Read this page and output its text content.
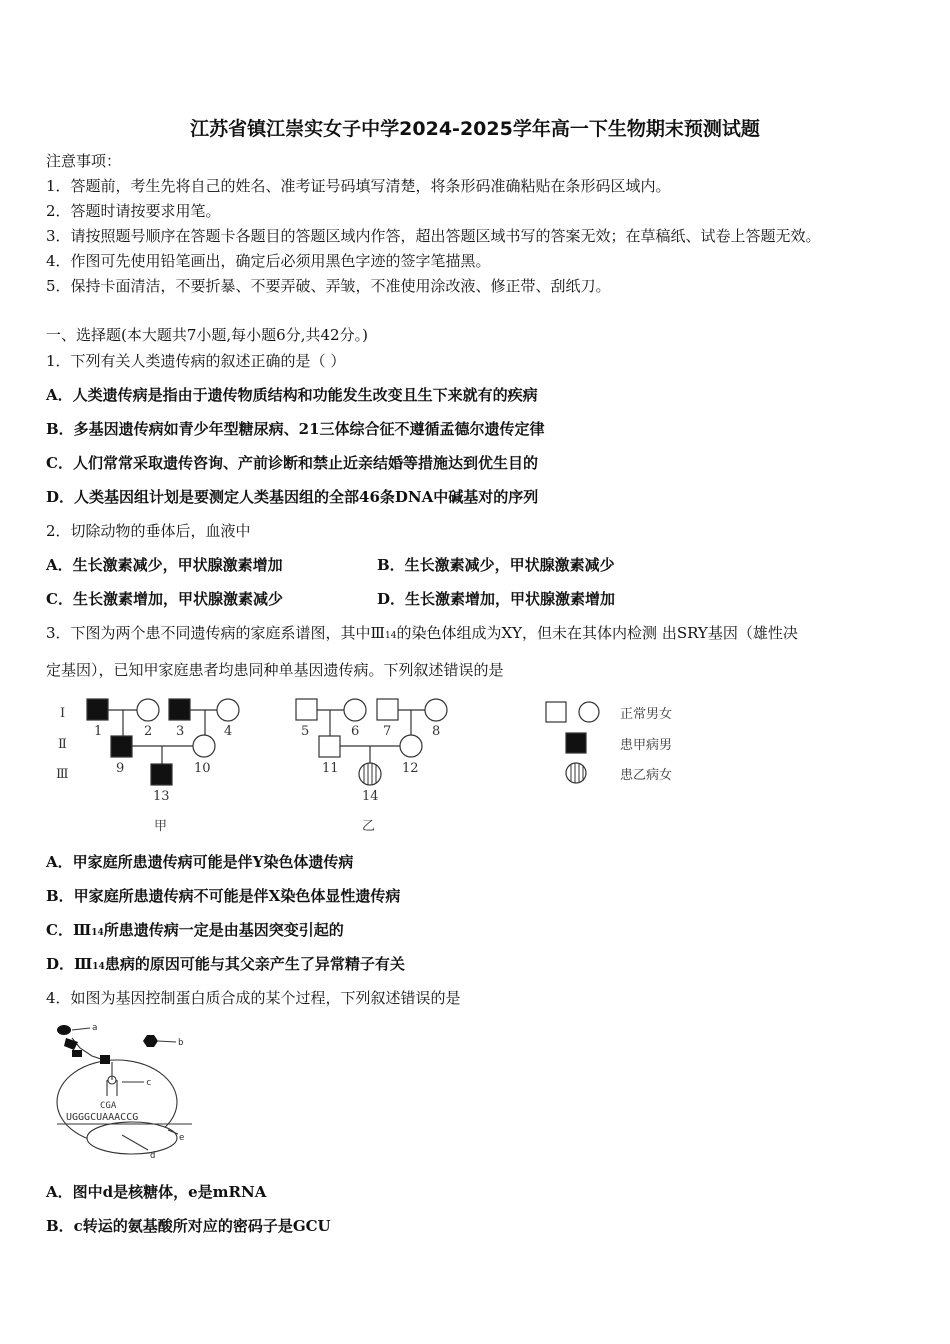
江苏省镇江崇实女子中学2024-2025学年高一下生物期末预测试题
注意事项：
1．答题前，考生先将自己的姓名、准考证号码填写清楚，将条形码准确粘贴在条形码区域内。
2．答题时请按要求用笔。
3．请按照题号顺序在答题卡各题目的答题区域内作答，超出答题区域书写的答案无效；在草稿纸、试卷上答题无效。
4．作图可先使用铅笔画出，确定后必须用黑色字迹的签字笔描黑。
5．保持卡面清洁，不要折暴、不要弄破、弄皱，不准使用涂改液、修正带、刮纸刀。
一、选择题(本大题共7小题,每小题6分,共42分。)
1．下列有关人类遗传病的叙述正确的是（ ）
A．人类遗传病是指由于遗传物质结构和功能发生改变且生下来就有的疾病
B．多基因遗传病如青少年型糖尿病、21三体综合征不遵循孟德尔遗传定律
C．人们常常采取遗传咨询、产前诊断和禁止近亲结婚等措施达到优生目的
D．人类基因组计划是要测定人类基因组的全部46条DNA中碱基对的序列
2．切除动物的垂体后，血液中
A．生长激素减少，甲状腺激素增加	B．生长激素减少，甲状腺激素减少
C．生长激素增加，甲状腺激素减少	D．生长激素增加，甲状腺激素增加
3．下图为两个患不同遗传病的家庭系谱图，其中Ⅲ14的染色体组成为XY，但未在其体内检测 出SRY基因（雄性决
定基因），已知甲家庭患者均患同种单基因遗传病。下列叙述错误的是
Ⅰ
Ⅱ
Ⅲ
1	2 3	4
9	10
13
5	6 7	8
11	12
14
甲	乙
正常男女
患甲病男
患乙病女
A．甲家庭所患遗传病可能是伴Y染色体遗传病
B．甲家庭所患遗传病不可能是伴X染色体显性遗传病
C．Ⅲ14所患遗传病一定是由基因突变引起的
D．Ⅲ14患病的原因可能与其父亲产生了异常精子有关
4．如图为基因控制蛋白质合成的某个过程，下列叙述错误的是
a
b
c
d
e
CGA
UGGGCUAAACCG
A．图中d是核糖体，e是mRNA
B．c转运的氨基酸所对应的密码子是GCU
